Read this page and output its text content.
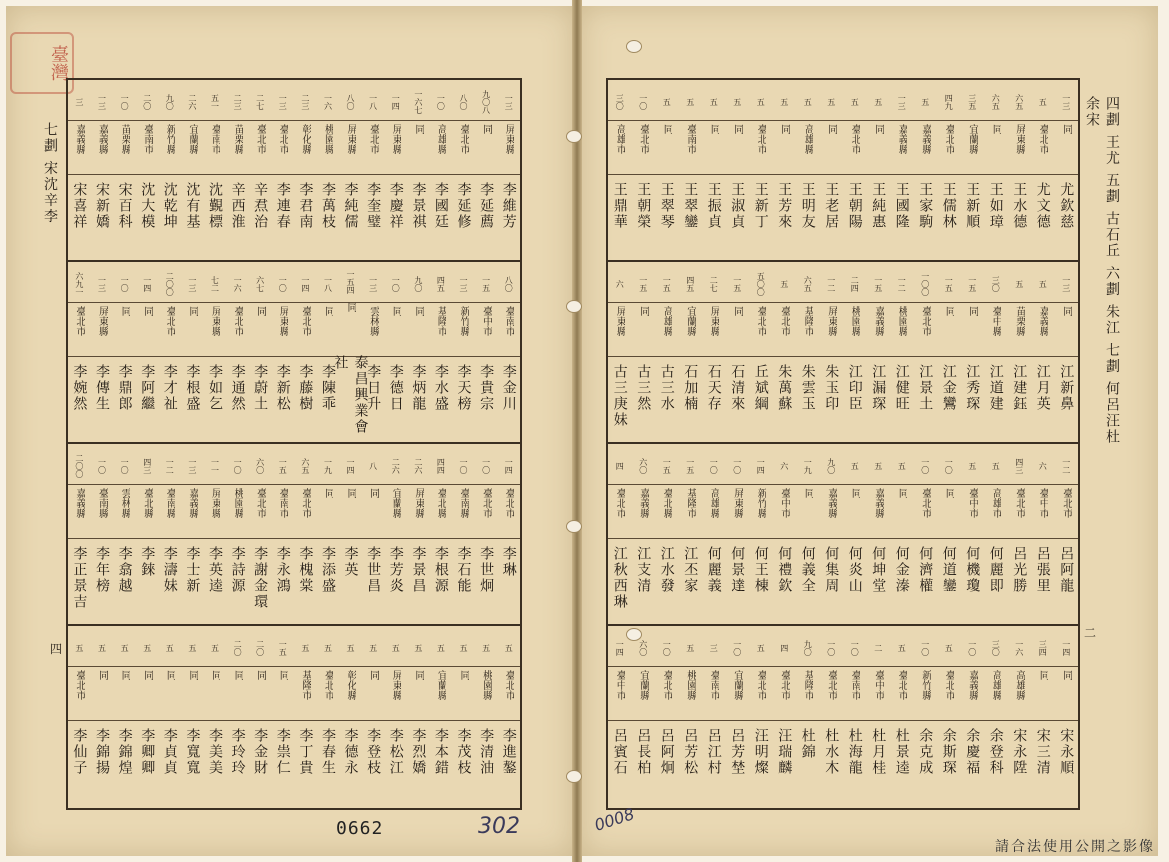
臺灣
七劃 宋沈辛李
四
一三
屏東縣
李維芳
九〇八
同
李延薦
八〇
臺北市
李延修
一〇
高雄縣
李國廷
一六七
同
李景祺
一四
屏東縣
李慶祥
一八
臺北市
李奎璧
八〇
屏東縣
李純儒
一六
桃園縣
李萬枝
二三
彰化縣
李君南
一三
臺北市
李連春
二七
臺北市
辛焄治
二三
苗栗縣
辛西淮
五一
臺南市
沈覲標
二六
宜蘭縣
沈有基
九〇
新竹縣
沈乾坤
二〇
臺南市
沈大模
一〇
苗栗縣
宋百科
一三
嘉義縣
宋新嬌
三
嘉義縣
宋喜祥
八〇
臺南市
李金川
一五
臺中市
李貴宗
一三
新竹縣
李天榜
四五
基隆市
李水盛
九〇
同
李炳龍
一〇
同
李德日
一三
雲林縣
李日升
一五四
同
泰昌興業會社
一八
同
李陳乖
一四
臺北市
李藤樹
一〇
屏東縣
李新松
六七
同
李蔚土
一六
臺北市
李通然
七二
屏東縣
李如乞
一三
同
李根盛
二〇〇
臺北市
李才祉
一四
同
李阿繼
一〇
同
李鼎郎
一三
屏東縣
李傳生
六九一
臺北市
李婉然
一四
臺北市
李琳
一〇
臺北市
李世炯
一〇
臺南縣
李石能
四四
臺北縣
李根源
二六
屏東縣
李景昌
二六
宜蘭縣
李芳炎
八
同
李世昌
一四
同
李英
一九
同
李添盛
六五
臺北市
李槐棠
一五
臺南市
李永鴻
六〇
臺北市
李謝金環
一〇
桃園縣
李詩源
一一
屏東縣
李英逵
一三
嘉義縣
李士新
一二
臺南縣
李濤妹
四三
臺北縣
李錸
一〇
雲林縣
李翕越
一〇
臺南縣
李年榜
二〇〇
嘉義縣
李正景吉
五
臺北市
李進鏊
五
桃園縣
李清油
五
同
李茂枝
五
宜蘭縣
李本錯
五
同
李烈嬌
五
屏東縣
李松江
五
同
李登枝
五
彰化縣
李德永
五
臺北市
李春生
五
基隆市
李丁貴
一五
同
李祟仁
二〇
同
李金財
二〇
同
李玲玲
五
同
李美美
五
同
李寬寬
五
同
李貞貞
五
同
李卿卿
五
同
李錦煌
五
同
李錦揚
五
臺北市
李仙子
一三
同
尤欽慈
五
臺北市
尤文德
六五
屏東縣
王水德
六五
同
王如璋
三五
宜蘭縣
王新順
四九
臺北市
王儒林
五
嘉義縣
王家駒
一三
嘉義縣
王國隆
五
同
王純惠
五
臺北市
王朝陽
五
同
王老居
五
高雄縣
王明友
五
同
王芳來
五
臺北市
王新丁
五
同
王淑貞
五
同
王振貞
五
臺南市
王翠鑾
五
同
王翠琴
一〇
臺北市
王朝榮
三〇
高雄市
王鼎華
一三
同
江新鼻
五
嘉義縣
江月英
五
苗栗縣
江建鈺
三〇
臺中縣
江道建
一五
同
江秀琛
一五
同
江金鸞
一〇〇
臺北市
江景土
一二
桃園縣
江健旺
一五
嘉義縣
江漏琛
二四
桃園縣
江印臣
一二
屏東縣
朱玉印
六五
基隆市
朱雲玉
五
臺北市
朱萬蘇
五〇〇
臺北市
丘斌綱
一五
同
石清來
二七
屏東縣
石天存
四五
宜蘭縣
石加楠
一五
高雄縣
古三水
一五
同
古三然
六
屏東縣
古三庚妹
一二
臺北市
呂阿龍
六
臺中市
呂張里
四三
臺北市
呂光勝
五
高雄市
何麗即
五
臺中市
何機瓊
一〇
同
何道鑾
一〇
臺北市
何濟權
五
同
何金溱
五
嘉義縣
何坤堂
五
同
何炎山
九〇
嘉義縣
何集周
一九
同
何義全
六
臺中市
何禮欽
一四
新竹縣
何王棟
一〇
屏東縣
何景達
一〇
高雄縣
何麗義
一五
基隆市
江丕家
一五
臺北縣
江水發
六〇
嘉義縣
江支清
四
臺北市
江秋西琳
一四
同
宋永順
三四
同
宋三清
一六
高雄縣
宋永陞
三〇
高雄縣
余登科
一〇
嘉義縣
余慶福
五
臺北市
余斯琛
一〇
新竹縣
余克成
五
臺北市
杜景逵
二
臺中市
杜月桂
一〇
臺南市
杜海龍
一〇
臺北市
杜水木
九〇
基隆市
杜錦
四
臺北市
汪瑞麟
五
臺北市
汪明燦
一〇
宜蘭縣
呂芳埜
三
臺南市
呂江村
五
桃園縣
呂芳松
一〇
臺北市
呂阿炯
六〇
宜蘭縣
呂長柏
一四
臺中市
呂賓石
四劃 王尤 五劃 古石丘 六劃 朱江 七劃 何呂汪杜余宋
二
0662	302	0008
請合法使用公開之影像
